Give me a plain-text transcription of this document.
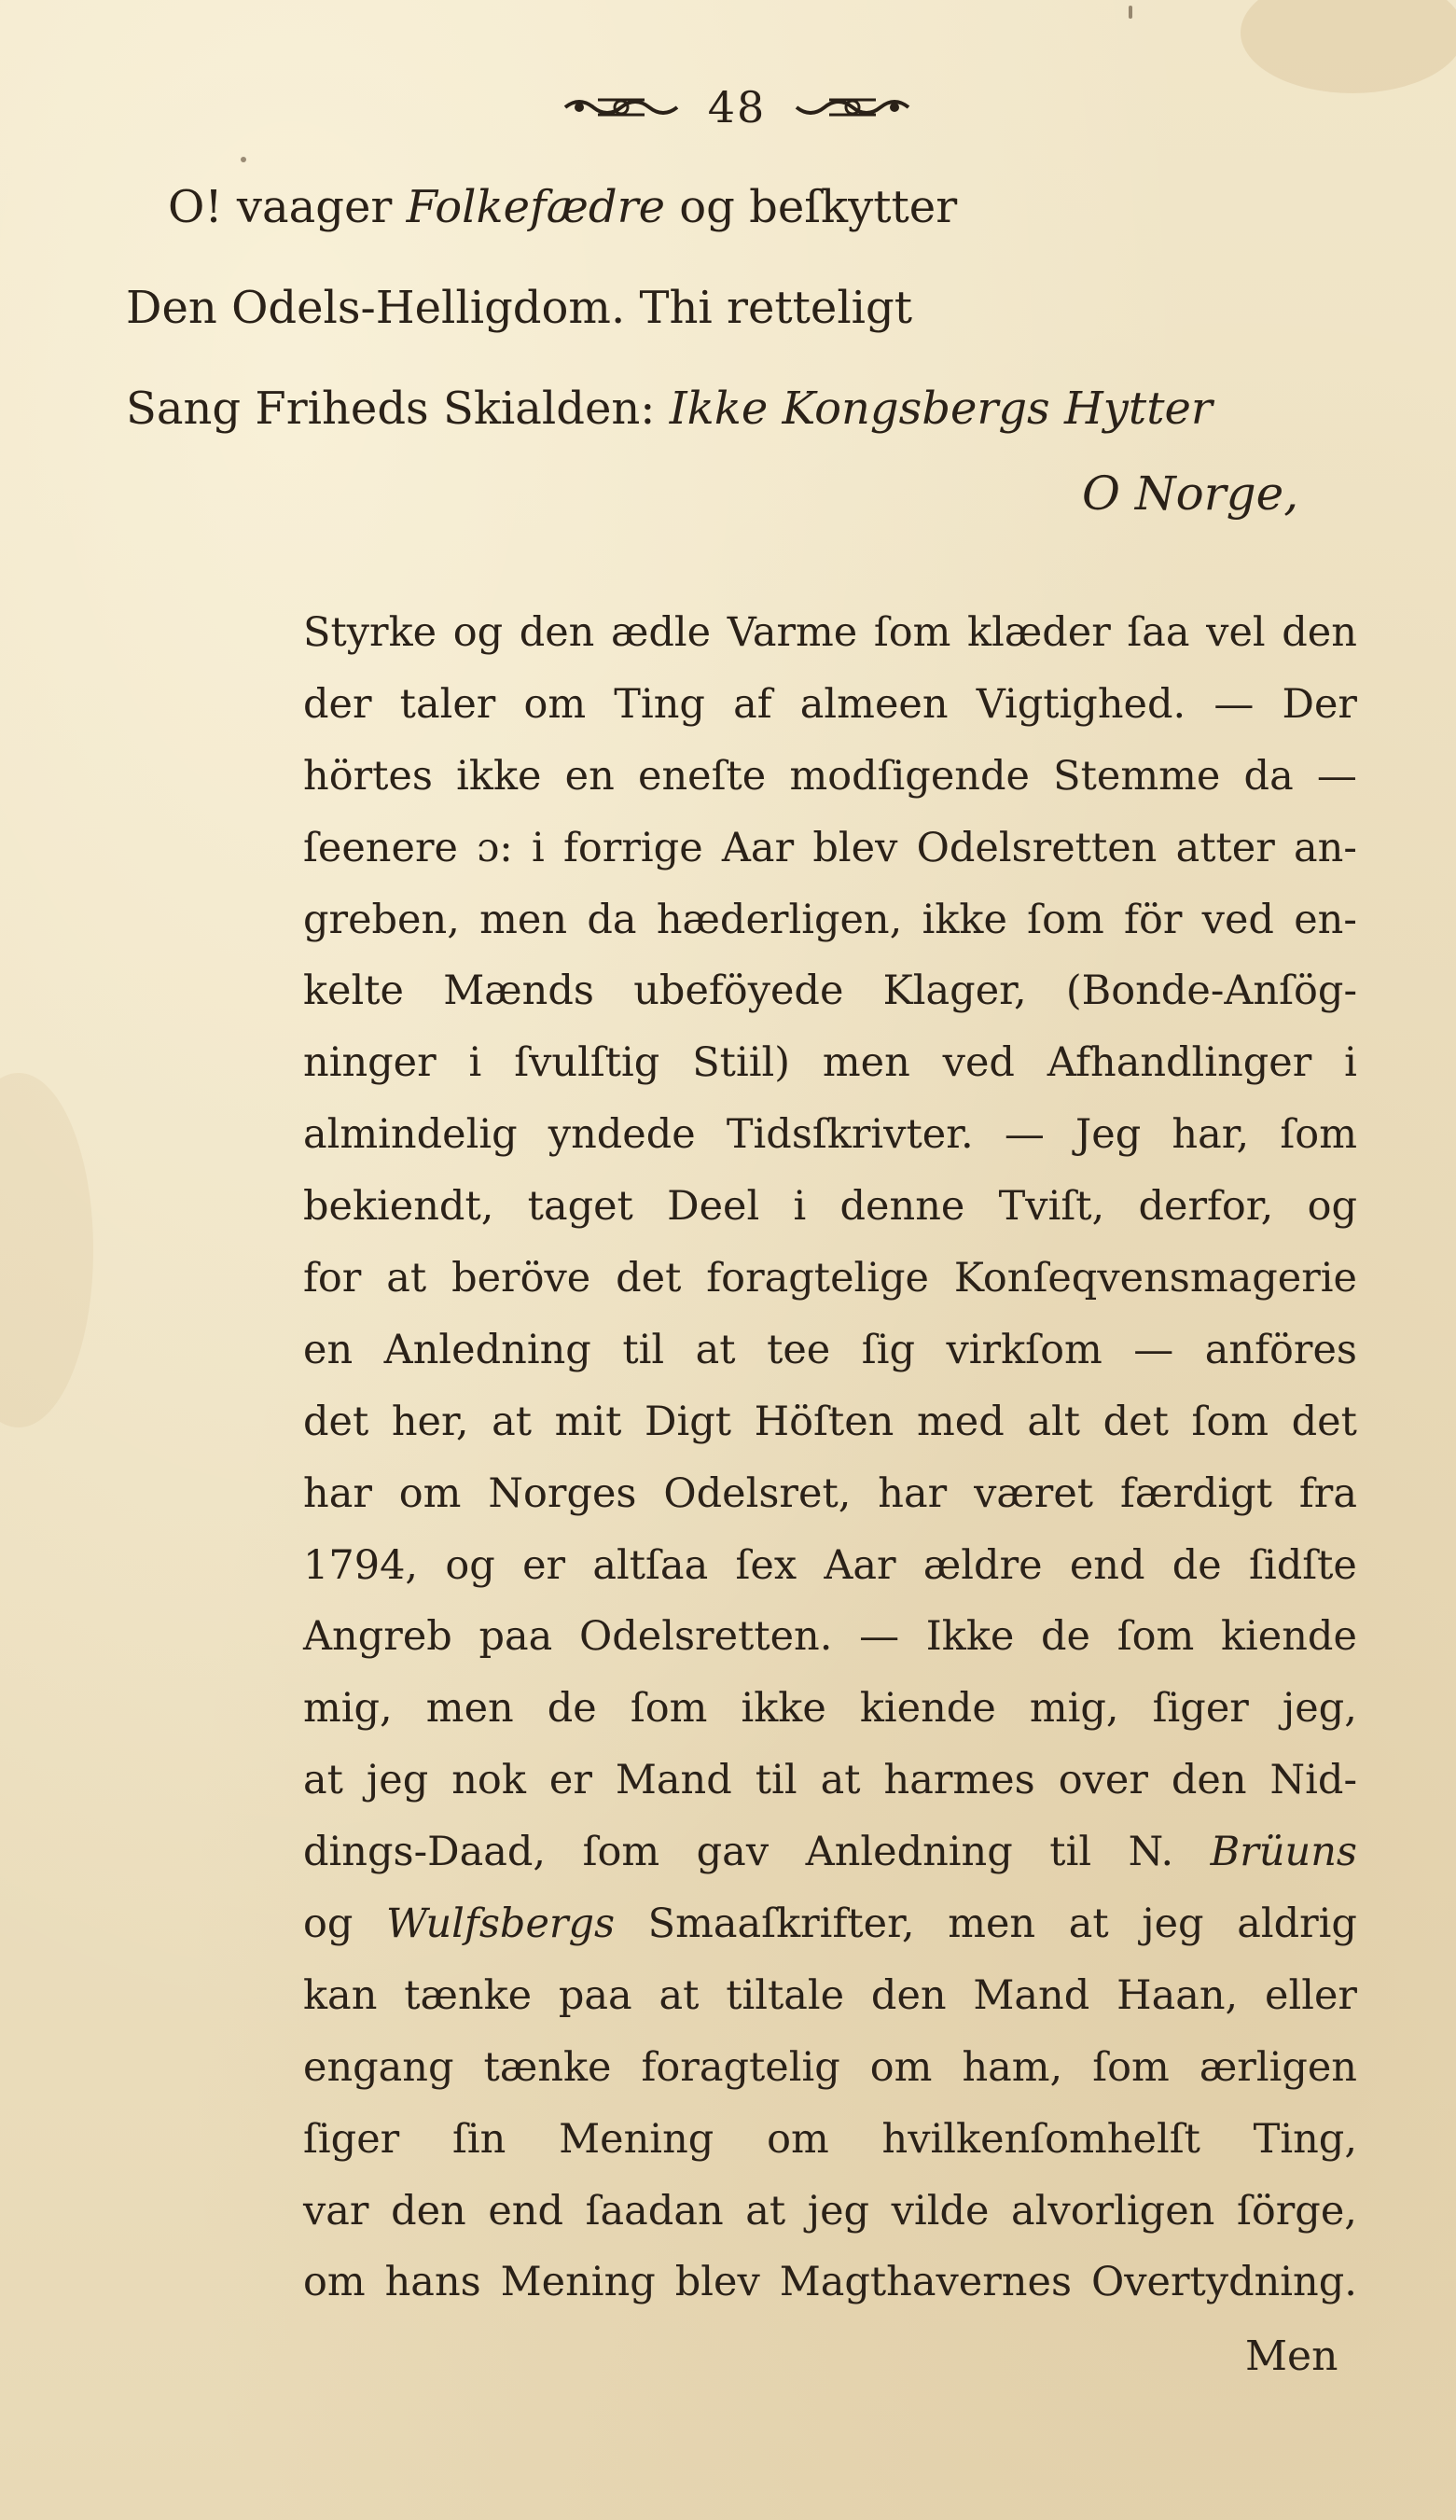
48
O! vaager Folkefædre og beſkytter
Den Odels-Helligdom. Thi retteligt
Sang Friheds Skialden: Ikke Kongsbergs Hytter
O Norge,
Styrke og den ædle Varme ſom klæder ſaa vel den
der taler om Ting af almeen Vigtighed. — Der
hörtes ikke en eneſte modſigende Stemme da —
ſeenere ɔ: i forrige Aar blev Odelsretten atter an-
greben, men da hæderligen, ikke ſom för ved en-
kelte Mænds ubeföyede Klager, (Bonde-Anſög-
ninger i ſvulſtig Stiil) men ved Afhandlinger i
almindelig yndede Tidsſkrivter. — Jeg har, ſom
bekiendt, taget Deel i denne Tviſt, derfor, og
for at beröve det foragtelige Konſeqvensmagerie
en Anledning til at tee ſig virkſom — anföres
det her, at mit Digt Höſten med alt det ſom det
har om Norges Odelsret, har været færdigt fra
1794, og er altſaa ſex Aar ældre end de ſidſte
Angreb paa Odelsretten. — Ikke de ſom kiende
mig, men de ſom ikke kiende mig, ſiger jeg,
at jeg nok er Mand til at harmes over den Nid-
dings-Daad, ſom gav Anledning til N. Brüuns
og Wulfsbergs Smaaſkrifter, men at jeg aldrig
kan tænke paa at tiltale den Mand Haan, eller
engang tænke foragtelig om ham, ſom ærligen
ſiger ſin Mening om hvilkenſomhelſt Ting,
var den end ſaadan at jeg vilde alvorligen ſörge,
om hans Mening blev Magthavernes Overtydning.
Men
